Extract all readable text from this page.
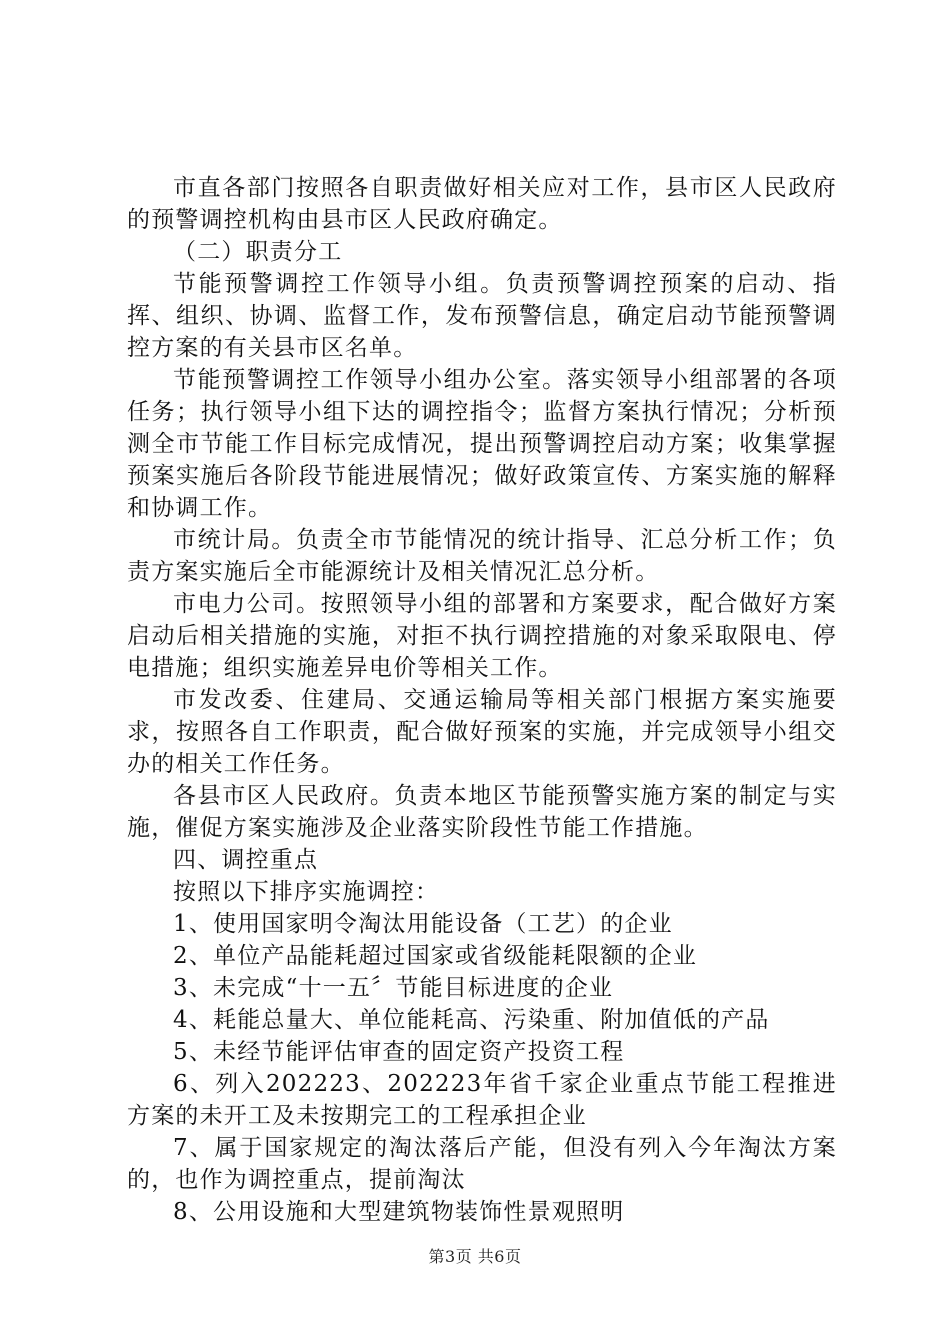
市直各部门按照各自职责做好相关应对工作，县市区人民政府的预警调控机构由县市区人民政府确定。

（二）职责分工

节能预警调控工作领导小组。负责预警调控预案的启动、指挥、组织、协调、监督工作，发布预警信息，确定启动节能预警调控方案的有关县市区名单。

节能预警调控工作领导小组办公室。落实领导小组部署的各项任务；执行领导小组下达的调控指令；监督方案执行情况；分析预测全市节能工作目标完成情况，提出预警调控启动方案；收集掌握预案实施后各阶段节能进展情况；做好政策宣传、方案实施的解释和协调工作。

市统计局。负责全市节能情况的统计指导、汇总分析工作；负责方案实施后全市能源统计及相关情况汇总分析。

市电力公司。按照领导小组的部署和方案要求，配合做好方案启动后相关措施的实施，对拒不执行调控措施的对象采取限电、停电措施；组织实施差异电价等相关工作。

市发改委、住建局、交通运输局等相关部门根据方案实施要求，按照各自工作职责，配合做好预案的实施，并完成领导小组交办的相关工作任务。

各县市区人民政府。负责本地区节能预警实施方案的制定与实施，催促方案实施涉及企业落实阶段性节能工作措施。

四、调控重点

按照以下排序实施调控：

1、使用国家明令淘汰用能设备（工艺）的企业

2、单位产品能耗超过国家或省级能耗限额的企业

3、未完成“十一五〞节能目标进度的企业

4、耗能总量大、单位能耗高、污染重、附加值低的产品

5、未经节能评估审查的固定资产投资工程

6、列入202223、202223年省千家企业重点节能工程推进方案的未开工及未按期完工的工程承担企业

7、属于国家规定的淘汰落后产能，但没有列入今年淘汰方案的，也作为调控重点，提前淘汰

8、公用设施和大型建筑物装饰性景观照明

第3页 共6页
